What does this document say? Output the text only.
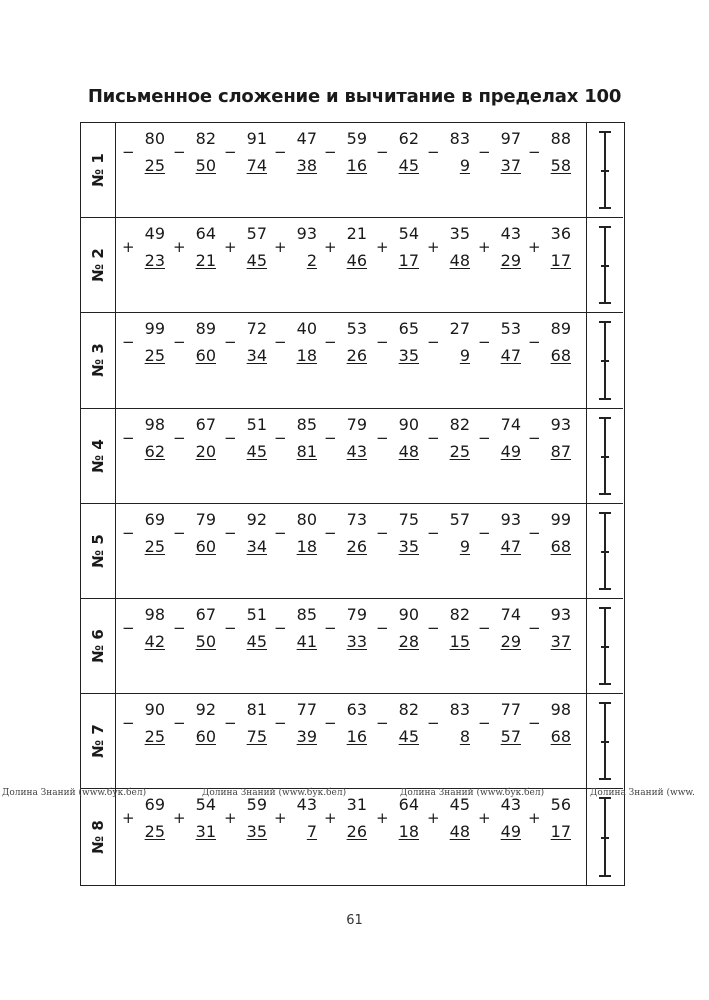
Письменное сложение и вычитание в пределах 100
№ 1
−
80
25
−
82
50
−
91
74
−
47
38
−
59
16
−
62
45
−
83
9
−
97
37
−
88
58
№ 2
+
49
23
+
64
21
+
57
45
+
93
2
+
21
46
+
54
17
+
35
48
+
43
29
+
36
17
№ 3
−
99
25
−
89
60
−
72
34
−
40
18
−
53
26
−
65
35
−
27
9
−
53
47
−
89
68
№ 4
−
98
62
−
67
20
−
51
45
−
85
81
−
79
43
−
90
48
−
82
25
−
74
49
−
93
87
№ 5
−
69
25
−
79
60
−
92
34
−
80
18
−
73
26
−
75
35
−
57
9
−
93
47
−
99
68
№ 6
−
98
42
−
67
50
−
51
45
−
85
41
−
79
33
−
90
28
−
82
15
−
74
29
−
93
37
№ 7
−
90
25
−
92
60
−
81
75
−
77
39
−
63
16
−
82
45
−
83
8
−
77
57
−
98
68
№ 8
+
69
25
+
54
31
+
59
35
+
43
7
+
31
26
+
64
18
+
45
48
+
43
49
+
56
17
Долина Знаний (www.бук.бел)	Долина Знаний (www.бук.бел)	Долина Знаний (www.бук.бел)	Долина Знаний (www.
61
